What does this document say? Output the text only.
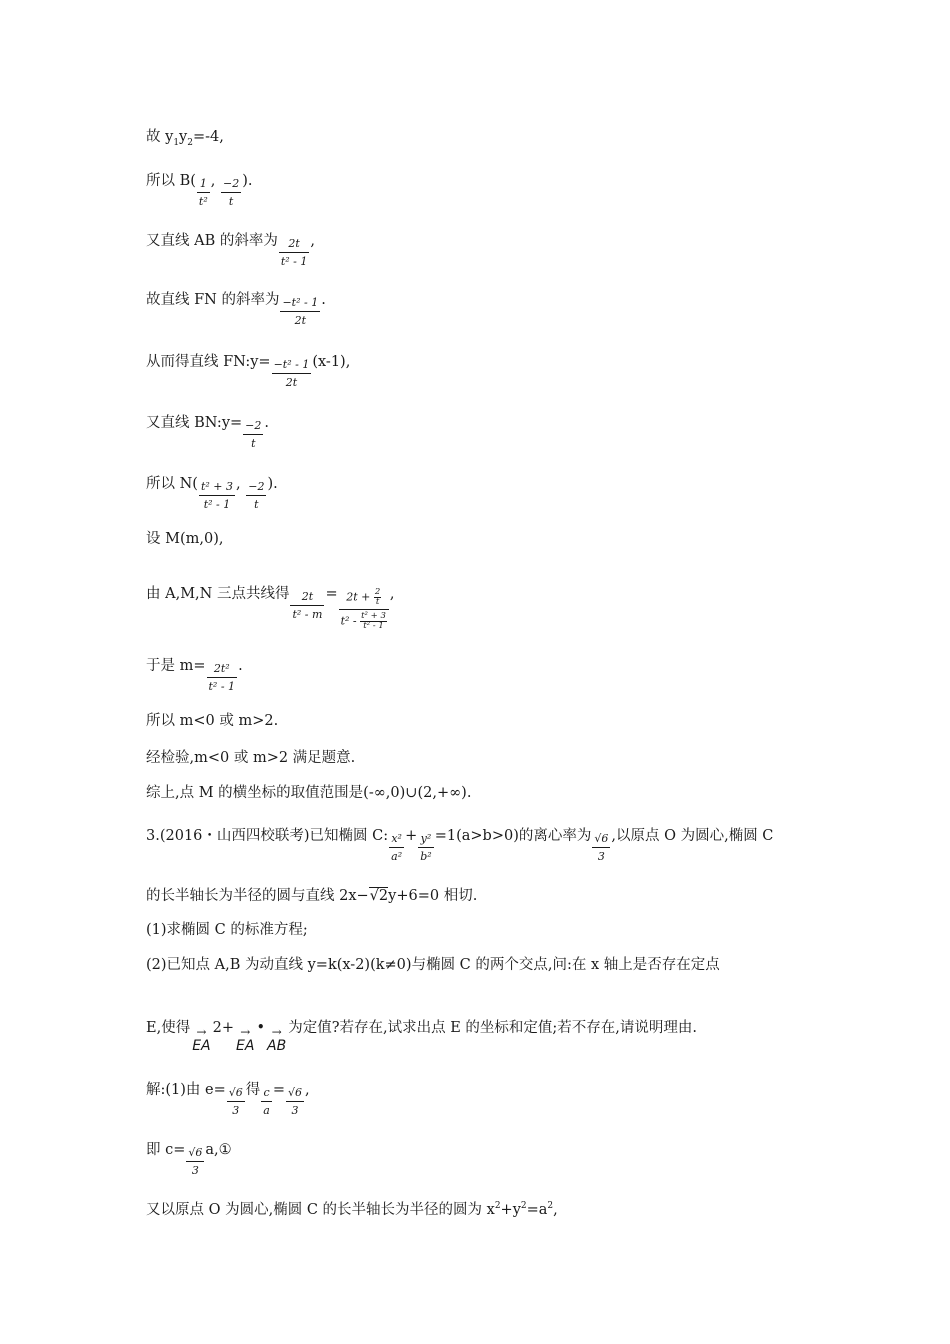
故 $y_1y_2=-4$,
所以 $B( \frac{1}{\text{t²}}$ , $\frac{-2}{t}$ ).
又直线 AB 的斜率为 $\frac{2t}{\text{t² - 1}}$ ,
故直线 FN 的斜率为 $\frac{\text{−t² - 1}}{2t}$ .
从而得直线 FN:y= $\frac{\text{−t² - 1}}{2t} (x-1)$,
又直线 BN:y= $\frac{-2}{t}$ .
所以 $N( \frac{\text{t² + 3}}{\text{t² - 1}}$ , $\frac{-2}{t}$ ).
设 M(m,0),
由 A,M,N 三点共线得 $\frac{2t}{\text{t² - m}} = \frac{2t + \frac{2}{t}}{t^2 - \frac{\text{t² + 3}}{\text{t² - 1}}}$ ,
于是 $m= \frac{\text{2t²}}{\text{t² - 1}}$ .
所以 m<0 或 m>2.
经检验,m<0 或 m>2 满足题意.
综上,点 M 的横坐标的取值范围是(-∞,0)∪(2,+∞).
3.(2016・山西四校联考)已知椭圆 C: $\frac{\text{x²}}{\text{a²}} + \frac{\text{y²}}{\text{b²}} =1(a>b>0)$的离心率为 $\frac{√6}{3}$ ,以原点 O 为圆心,椭圆 C
的长半轴长为半径的圆与直线 2x−√2y+6=0 相切.
(1)求椭圆 C 的标准方程;
(2)已知点 A,B 为动直线 y=k(x-2)(k≠0)与椭圆 C 的两个交点,问:在 x 轴上是否存在定点
E,使得 →
EA
2+ →
EA
• →
AB
为定值?若存在,试求出点 E 的坐标和定值;若不存在,请说明理由.
解:(1)由 $e= \frac{√6}{3}$ 得 $\frac{c}{a} = \frac{√6}{3}$ ,
即 $c= \frac{√6}{3}$ a,①
又以原点 O 为圆心,椭圆 C 的长半轴长为半径的圆为 $x^2+y^2=a^2$,
